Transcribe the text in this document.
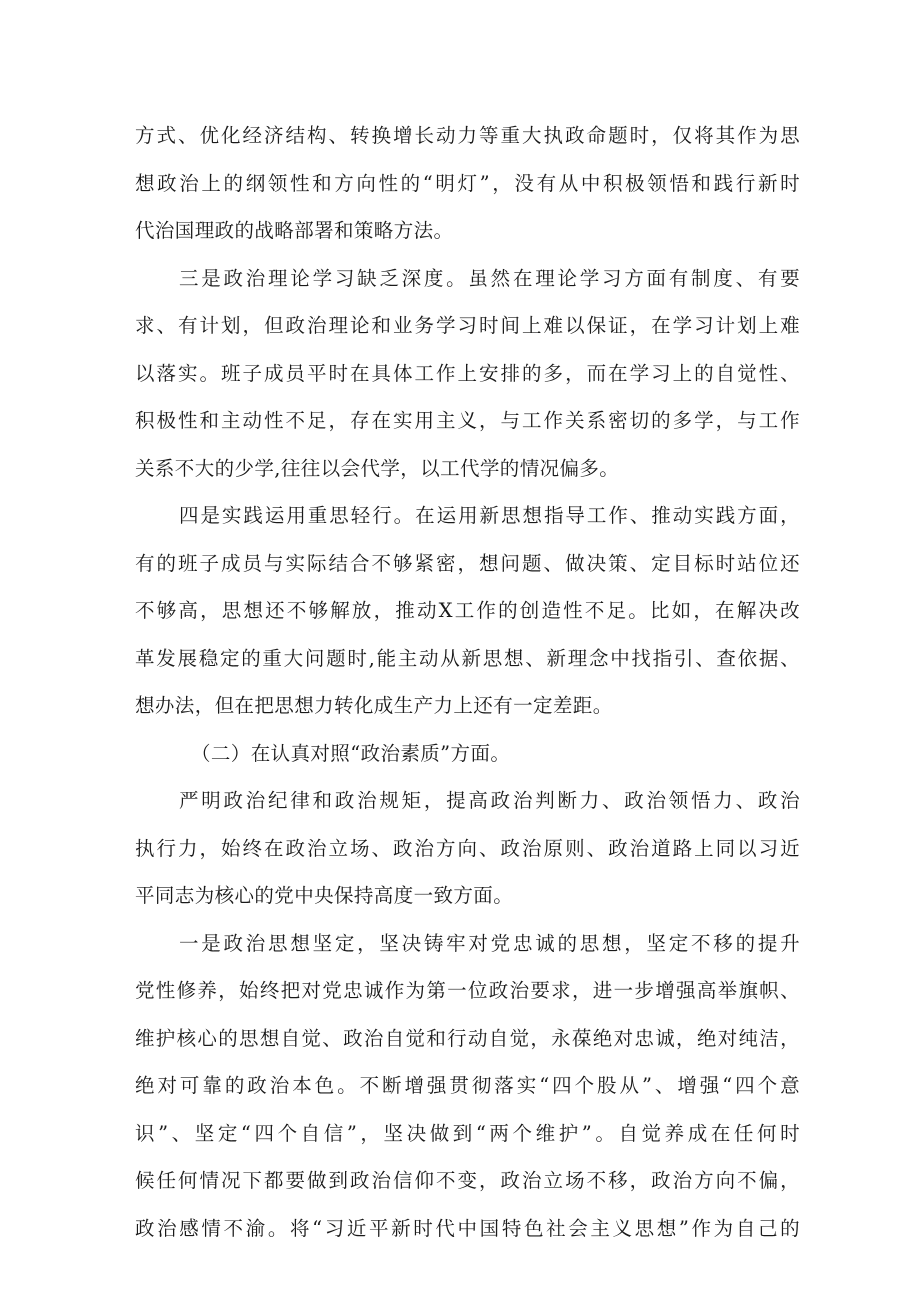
方式、优化经济结构、转换增长动力等重大执政命题时，仅将其作为思
想政治上的纲领性和方向性的“明灯”，没有从中积极领悟和践行新时
代治国理政的战略部署和策略方法。
三是政治理论学习缺乏深度。虽然在理论学习方面有制度、有要
求、有计划，但政治理论和业务学习时间上难以保证，在学习计划上难
以落实。班子成员平时在具体工作上安排的多，而在学习上的自觉性、
积极性和主动性不足，存在实用主义，与工作关系密切的多学，与工作
关系不大的少学,往往以会代学，以工代学的情况偏多。
四是实践运用重思轻行。在运用新思想指导工作、推动实践方面，
有的班子成员与实际结合不够紧密，想问题、做决策、定目标时站位还
不够高，思想还不够解放，推动X工作的创造性不足。比如，在解决改
革发展稳定的重大问题时,能主动从新思想、新理念中找指引、查依据、
想办法，但在把思想力转化成生产力上还有一定差距。
（二）在认真对照“政治素质”方面。
严明政治纪律和政治规矩，提高政治判断力、政治领悟力、政治
执行力，始终在政治立场、政治方向、政治原则、政治道路上同以习近
平同志为核心的党中央保持高度一致方面。
一是政治思想坚定，坚决铸牢对党忠诚的思想，坚定不移的提升
党性修养，始终把对党忠诚作为第一位政治要求，进一步增强高举旗帜、
维护核心的思想自觉、政治自觉和行动自觉，永葆绝对忠诚，绝对纯洁，
绝对可靠的政治本色。不断增强贯彻落实“四个股从”、增强“四个意
识”、坚定“四个自信”，坚决做到“两个维护”。自觉养成在任何时
候任何情况下都要做到政治信仰不变，政治立场不移，政治方向不偏，
政治感情不渝。将“习近平新时代中国特色社会主义思想”作为自己的
